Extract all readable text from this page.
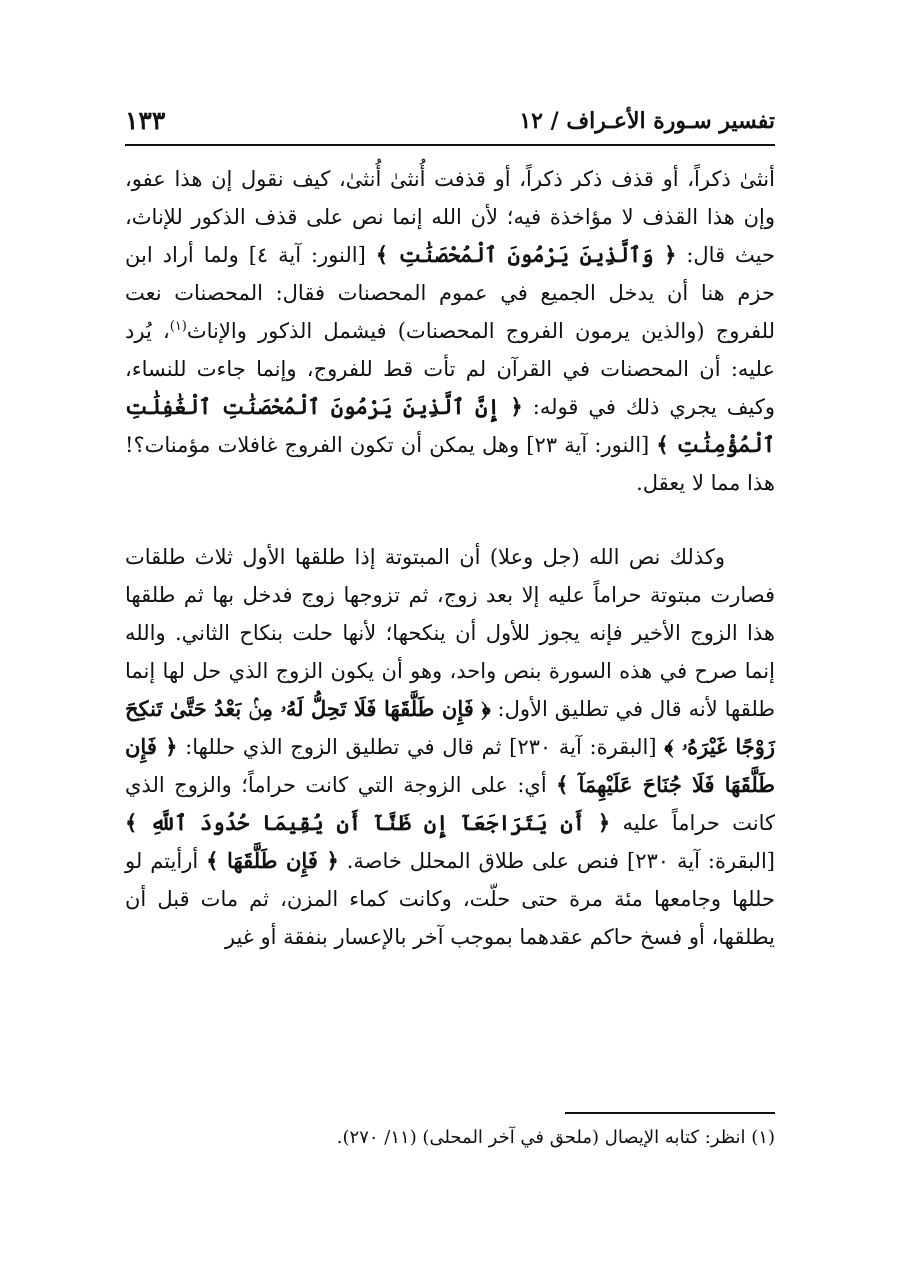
تفسير سـورة الأعـراف / ١٢
١٣٣

أنثىٰ ذكراً، أو قذف ذكر ذكراً، أو قذفت أُنثىٰ أُنثىٰ، كيف نقول إن هذا عفو، وإن هذا القذف لا مؤاخذة فيه؛ لأن الله إنما نص على قذف الذكور للإناث، حيث قال: ﴿ وَٱلَّذِينَ يَرْمُونَ ٱلْمُحْصَنَٰتِ ﴾ [النور: آية ٤] ولما أراد ابن حزم هنا أن يدخل الجميع في عموم المحصنات فقال: المحصنات نعت للفروج (والذين يرمون الفروج المحصنات) فيشمل الذكور والإناث$^{(١)}$، يُرد عليه: أن المحصنات في القرآن لم تأت قط للفروج، وإنما جاءت للنساء، وكيف يجري ذلك في قوله: ﴿ إِنَّ ٱلَّذِينَ يَرْمُونَ ٱلْمُحْصَنَٰتِ ٱلْغَٰفِلَٰتِ ٱلْمُؤْمِنَٰتِ ﴾ [النور: آية ٢٣] وهل يمكن أن تكون الفروج غافلات مؤمنات؟! هذا مما لا يعقل.

وكذلك نص الله (جل وعلا) أن المبتوتة إذا طلقها الأول ثلاث طلقات فصارت مبتوتة حراماً عليه إلا بعد زوج، ثم تزوجها زوج فدخل بها ثم طلقها هذا الزوج الأخير فإنه يجوز للأول أن ينكحها؛ لأنها حلت بنكاح الثاني. والله إنما صرح في هذه السورة بنص واحد، وهو أن يكون الزوج الذي حل لها إنما طلقها لأنه قال في تطليق الأول: ﴿ فَإِن طَلَّقَهَا فَلَا تَحِلُّ لَهُۥ مِنۢ بَعْدُ حَتَّىٰ تَنكِحَ زَوْجًا غَيْرَهُۥ ﴾ [البقرة: آية ٢٣٠] ثم قال في تطليق الزوج الذي حللها: ﴿ فَإِن طَلَّقَهَا فَلَا جُنَاحَ عَلَيْهِمَآ ﴾ أي: على الزوجة التي كانت حراماً؛ والزوج الذي كانت حراماً عليه ﴿ أَن يَتَرَاجَعَآ إِن ظَنَّآ أَن يُقِيمَا حُدُودَ ٱللَّهِ ﴾ [البقرة: آية ٢٣٠] فنص على طلاق المحلل خاصة. ﴿ فَإِن طَلَّقَهَا ﴾ أرأيتم لو حللها وجامعها مئة مرة حتى حلّت، وكانت كماء المزن، ثم مات قبل أن يطلقها، أو فسخ حاكم عقدهما بموجب آخر بالإعسار بنفقة أو غير

(١) انظر: كتابه الإيصال (ملحق في آخر المحلى) (١١/ ٢٧٠).
